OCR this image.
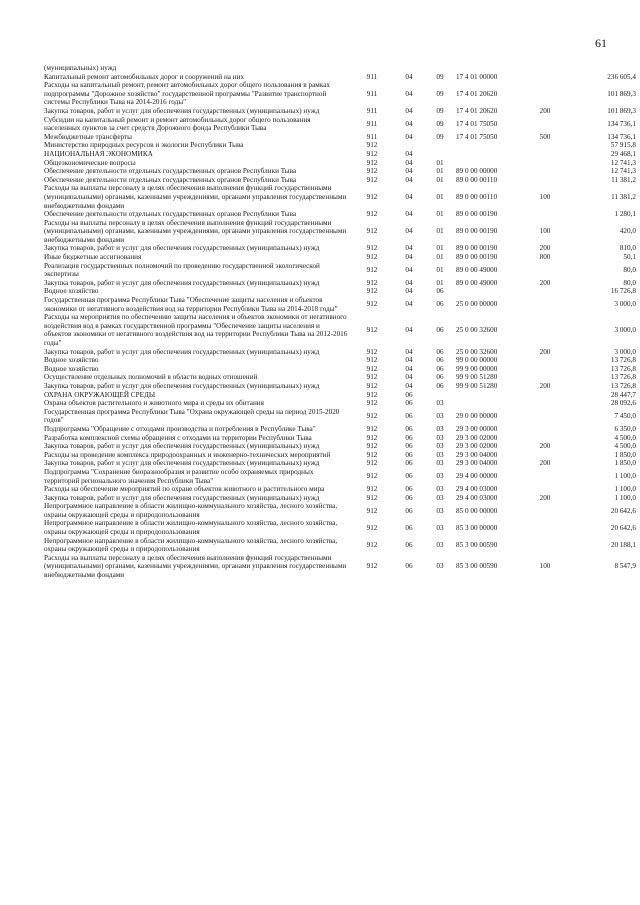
61
(муниципальных) нужд						
Капитальный ремонт автомобильных дорог и сооружений на них	911	04	09	17 4 01 00000		236 605,4
Расходы на капитальный ремонт, ремонт автомобильных дорог общего пользования в рамках подпрограммы "Дорожное хозяйство" государственной программы "Развитие транспортной системы Республики Тыва на 2014-2016 годы"	911	04	09	17 4 01 20620		101 869,3
Закупка товаров, работ и услуг для обеспечения государственных (муниципальных) нужд	911	04	09	17 4 01 20620	200	101 869,3
Субсидии на капитальный ремонт и ремонт автомобильных дорог общего пользования населенных пунктов за счет средств Дорожного фонда Республики Тыва	911	04	09	17 4 01 75050		134 736,1
Межбюджетные трансферты	911	04	09	17 4 01 75050	500	134 736,1
Министерство природных ресурсов и экологии Республики Тыва	912					57 915,8
НАЦИОНАЛЬНАЯ ЭКОНОМИКА	912	04				29 468,1
Общеэкономические вопросы	912	04	01			12 741,3
Обеспечение деятельности отдельных государственных органов Республики Тыва	912	04	01	89 0 00 00000		12 741,3
Обеспечение деятельности отдельных государственных органов Республики Тыва	912	04	01	89 0 00 00110		11 381,2
Расходы на выплаты персоналу в целях обеспечения выполнения функций государственными (муниципальными) органами, казенными учреждениями, органами управления государственными внебюджетными фондами	912	04	01	89 0 00 00110	100	11 381,2
Обеспечение деятельности отдельных государственных органов Республики Тыва	912	04	01	89 0 00 00190		1 280,1
Расходы на выплаты персоналу в целях обеспечения выполнения функций государственными (муниципальными) органами, казенными учреждениями, органами управления государственными внебюджетными фондами	912	04	01	89 0 00 00190	100	420,0
Закупка товаров, работ и услуг для обеспечения государственных (муниципальных) нужд	912	04	01	89 0 00 00190	200	810,0
Иные бюджетные ассигнования	912	04	01	89 0 00 00190	800	50,1
Реализация государственных полномочий по проведению государственной экологической экспертизы	912	04	01	89 0 00 49000		80,0
Закупка товаров, работ и услуг для обеспечения государственных (муниципальных) нужд	912	04	01	89 0 00 49000	200	80,0
Водное хозяйство	912	04	06			16 726,8
Государственная программа Республики Тыва "Обеспечение защиты населения и объектов экономики от негативного воздействия вод на территории Республики Тыва на 2014-2018 годы"	912	04	06	25 0 00 00000		3 000,0
Расходы на мероприятия по обеспечению защиты населения и объектов экономики от негативного воздействия вод в рамках государственной программы "Обеспечение защиты населения и объектов экономики от негативного воздействия вод на территории Республики Тыва на 2012-2016 годы"	912	04	06	25 0 00 32600		3 000,0
Закупка товаров, работ и услуг для обеспечения государственных (муниципальных) нужд	912	04	06	25 0 00 32600	200	3 000,0
Водное хозяйство	912	04	06	99 0 00 00000		13 726,8
Водное хозяйство	912	04	06	99 9 00 00000		13 726,8
Осуществление отдельных полномочий в области водных отношений	912	04	06	99 9 00 51280		13 726,8
Закупка товаров, работ и услуг для обеспечения государственных (муниципальных) нужд	912	04	06	99 9 00 51280	200	13 726,8
ОХРАНА ОКРУЖАЮЩЕЙ СРЕДЫ	912	06				28 447,7
Охрана объектов растительного и животного мира и среды их обитания	912	06	03			28 092,6
Государственная программа Республики Тыва "Охрана окружающей среды на период 2015-2020 годов"	912	06	03	29 0 00 00000		7 450,0
Подпрограмма "Обращение с отходами производства и потребления в Республике Тыва"	912	06	03	29 3 00 00000		6 350,0
Разработка комплексной схемы обращения с отходами на территории Республики Тыва	912	06	03	29 3 00 02000		4 500,0
Закупка товаров, работ и услуг для обеспечения государственных (муниципальных) нужд	912	06	03	29 3 00 02000	200	4 500,0
Расходы на проведение комплекса природоохранных и инженерно-технических мероприятий	912	06	03	29 3 00 04000		1 850,0
Закупка товаров, работ и услуг для обеспечения государственных (муниципальных) нужд	912	06	03	29 3 00 04000	200	1 850,0
Подпрограмма "Сохранение биоразнообразия и развитие особо охраняемых природных территорий регионального значения Республики Тыва"	912	06	03	29 4 00 00000		1 100,0
Расходы на обеспечение мероприятий по охране объектов животного и растительного мира	912	06	03	29 4 00 03000		1 100,0
Закупка товаров, работ и услуг для обеспечения государственных (муниципальных) нужд	912	06	03	29 4 00 03000	200	1 100,0
Непрограммное направление в области жилищно-коммунального хозяйства, лесного хозяйства, охраны окружающей среды и природопользования	912	06	03	85 0 00 00000		20 642,6
Непрограммное направление в области жилищно-коммунального хозяйства, лесного хозяйства, охраны окружающей среды и природопользования	912	06	03	85 3 00 00000		20 642,6
Непрограммное направление в области жилищно-коммунального хозяйства, лесного хозяйства, охраны окружающей среды и природопользования	912	06	03	85 3 00 00590		20 188,1
Расходы на выплаты персоналу в целях обеспечения выполнения функций государственными (муниципальными) органами, казенными учреждениями, органами управления государственными внебюджетными фондами	912	06	03	85 3 00 00590	100	8 547,9
